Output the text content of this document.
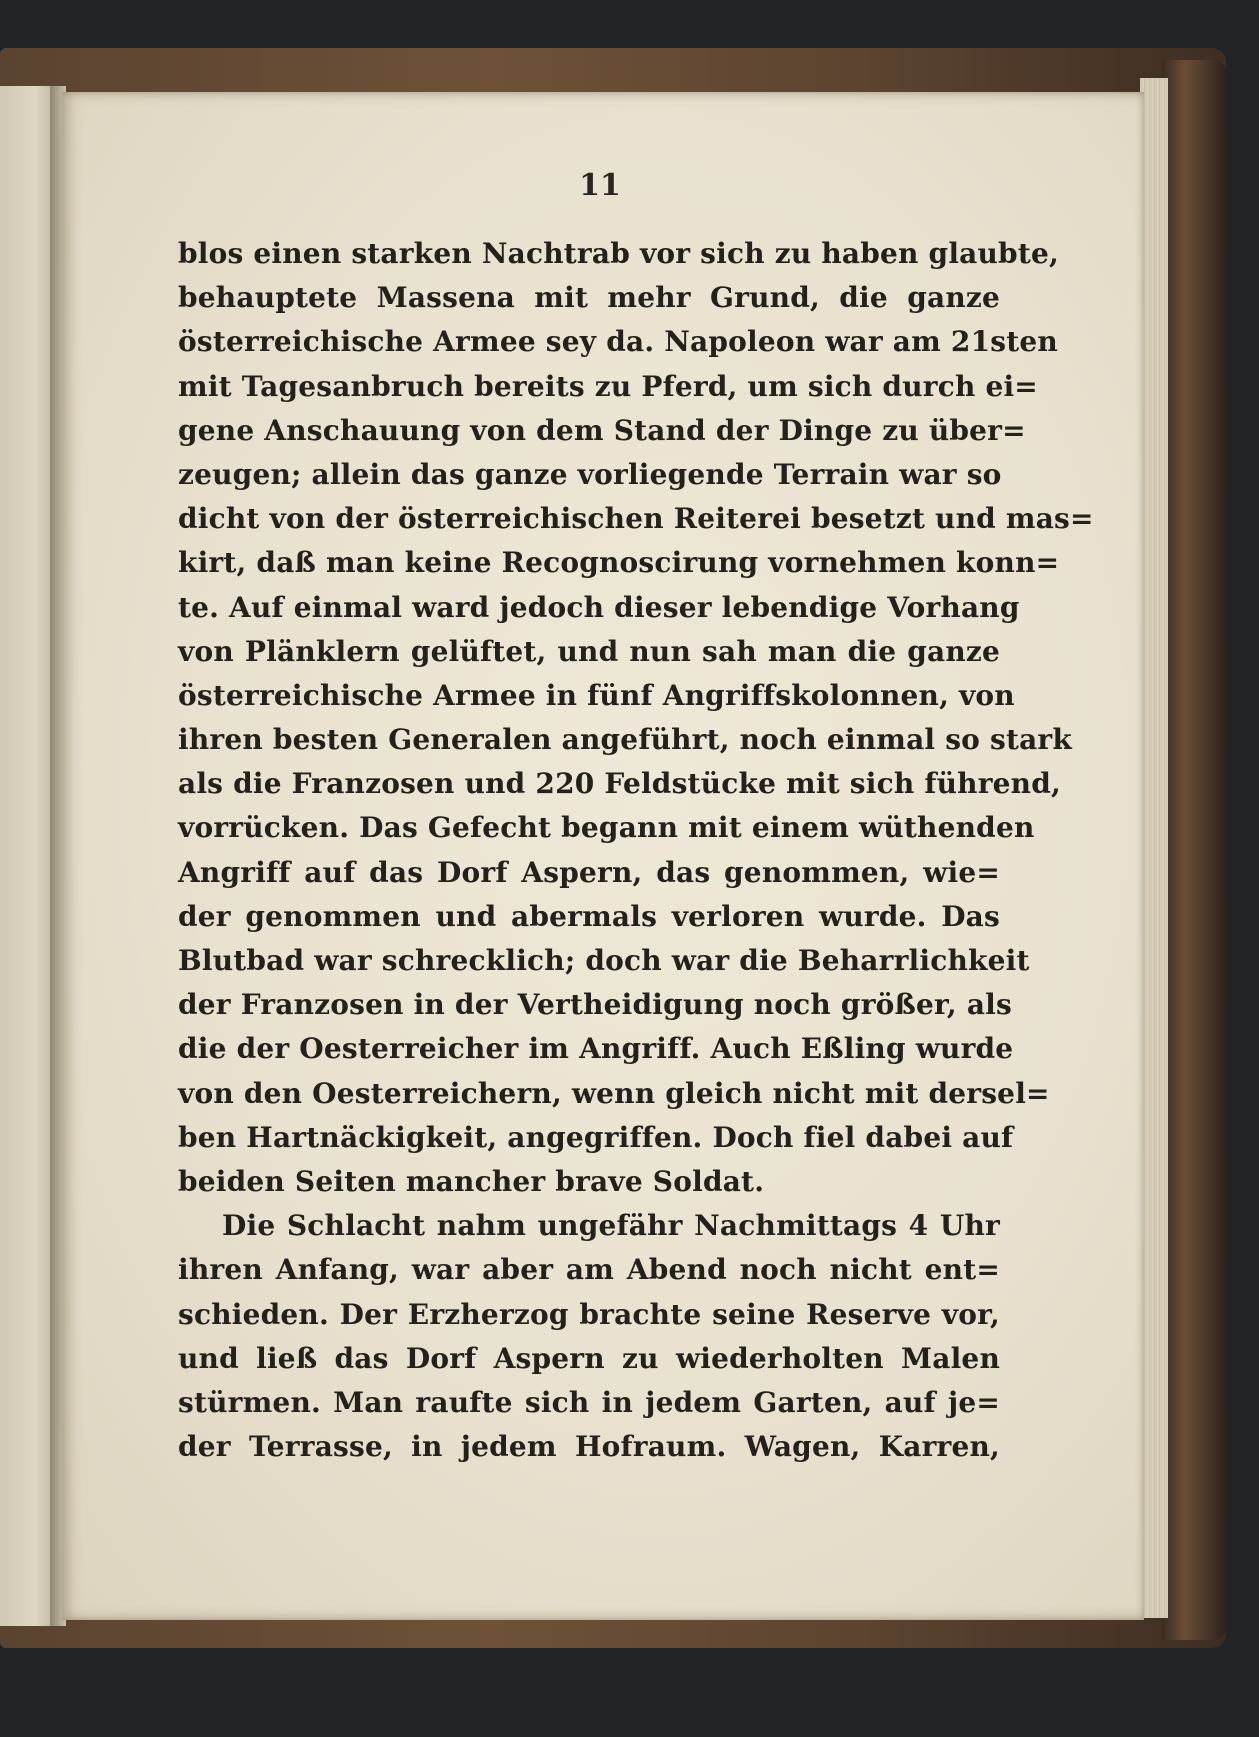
11
blos einen starken Nachtrab vor sich zu haben glaubte,
behauptete Massena mit mehr Grund, die ganze
österreichische Armee sey da. Napoleon war am 21sten
mit Tagesanbruch bereits zu Pferd, um sich durch ei=
gene Anschauung von dem Stand der Dinge zu über=
zeugen; allein das ganze vorliegende Terrain war so
dicht von der österreichischen Reiterei besetzt und mas=
kirt, daß man keine Recognoscirung vornehmen konn=
te. Auf einmal ward jedoch dieser lebendige Vorhang
von Plänklern gelüftet, und nun sah man die ganze
österreichische Armee in fünf Angriffskolonnen, von
ihren besten Generalen angeführt, noch einmal so stark
als die Franzosen und 220 Feldstücke mit sich führend,
vorrücken. Das Gefecht begann mit einem wüthenden
Angriff auf das Dorf Aspern, das genommen, wie=
der genommen und abermals verloren wurde. Das
Blutbad war schrecklich; doch war die Beharrlichkeit
der Franzosen in der Vertheidigung noch größer, als
die der Oesterreicher im Angriff. Auch Eßling wurde
von den Oesterreichern, wenn gleich nicht mit dersel=
ben Hartnäckigkeit, angegriffen. Doch fiel dabei auf
beiden Seiten mancher brave Soldat.
Die Schlacht nahm ungefähr Nachmittags 4 Uhr
ihren Anfang, war aber am Abend noch nicht ent=
schieden. Der Erzherzog brachte seine Reserve vor,
und ließ das Dorf Aspern zu wiederholten Malen
stürmen. Man raufte sich in jedem Garten, auf je=
der Terrasse, in jedem Hofraum. Wagen, Karren,
